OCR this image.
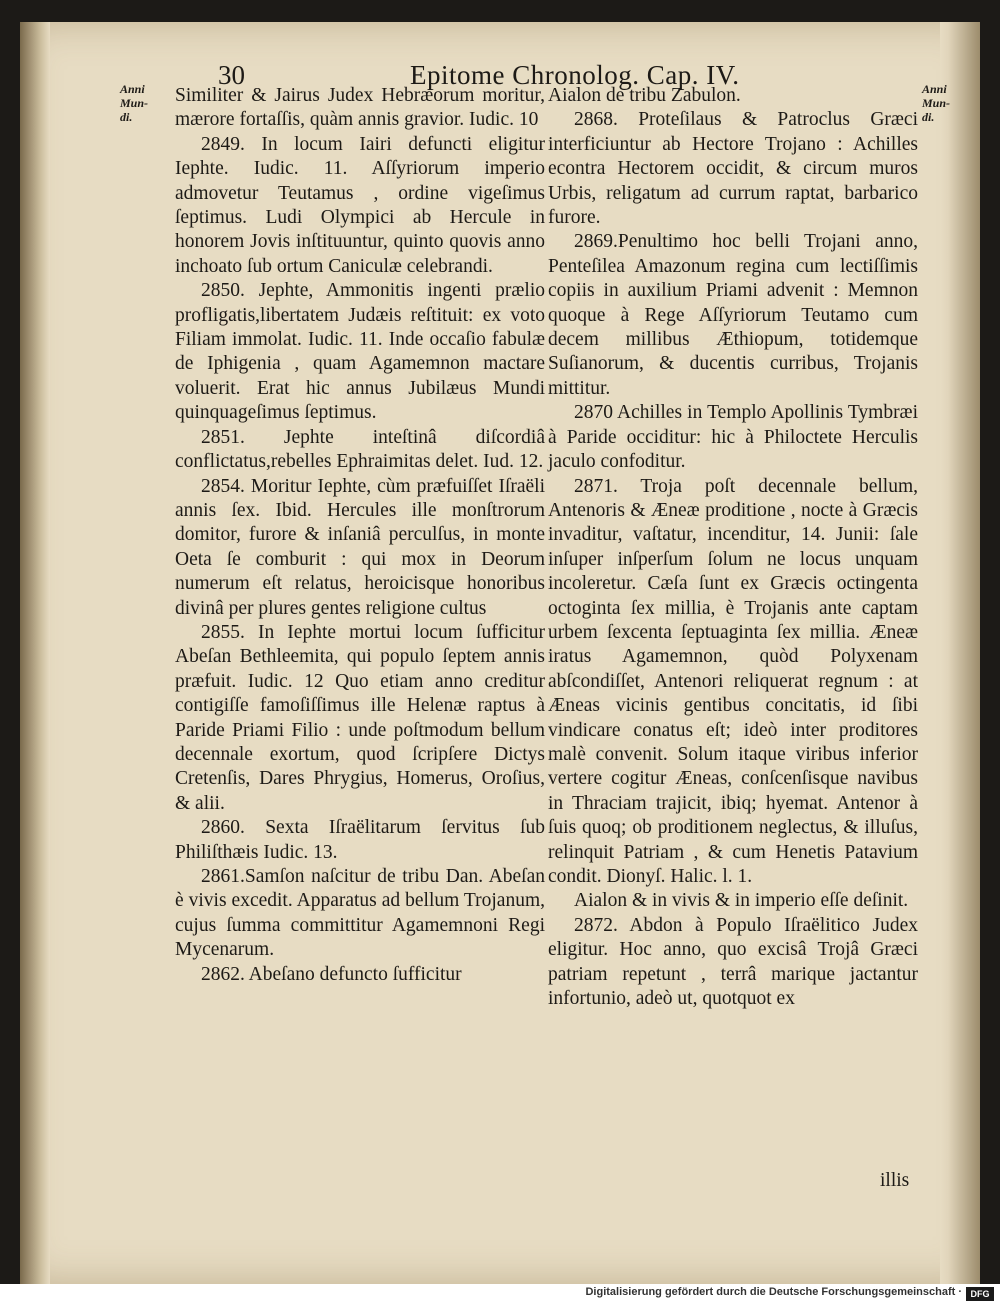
30	Epitome Chronolog. Cap. IV.
Anni Mun- di.
Anni Mun- di.

Similiter & Jairus Judex Hebræorum moritur, mærore fortaſſis, quàm annis gravior. Iudic. 10

2849. In locum Iairi defuncti eligitur Iephte. Iudic. 11. Aſſyriorum imperio admovetur Teutamus , ordine vigeſimus ſeptimus. Ludi Olympici ab Hercule in honorem Jovis inſtituuntur, quinto quovis anno inchoato ſub ortum Caniculæ celebrandi.

2850. Jephte, Ammonitis ingenti prælio profligatis,libertatem Judæis reſtituit: ex voto Filiam immolat. Iudic. 11. Inde occaſio fabulæ de Iphigenia , quam Agamemnon mactare voluerit. Erat hic annus Jubilæus Mundi quinquageſimus ſeptimus.

2851. Jephte inteſtinâ diſcordiâ conflictatus,rebelles Ephraimitas delet. Iud. 12.

2854. Moritur Iephte, cùm præfuiſſet Iſraëli annis ſex. Ibid. Hercules ille monſtrorum domitor, furore & inſaniâ perculſus, in monte Oeta ſe comburit : qui mox in Deorum numerum eſt relatus, heroicisque honoribus divinâ per plures gentes religione cultus

2855. In Iephte mortui locum ſufficitur Abeſan Bethleemita, qui populo ſeptem annis præfuit. Iudic. 12 Quo etiam anno creditur contigiſſe famoſiſſimus ille Helenæ raptus à Paride Priami Filio : unde poſtmodum bellum decennale exortum, quod ſcripſere Dictys Cretenſis, Dares Phrygius, Homerus, Oroſius, & alii.

2860. Sexta Iſraëlitarum ſervitus ſub Philiſthæis Iudic. 13.

2861.Samſon naſcitur de tribu Dan. Abeſan è vivis excedit. Apparatus ad bellum Trojanum, cujus ſumma committitur Agamemnoni Regi Mycenarum.

2862. Abeſano defuncto ſufficitur

Aialon de tribu Zabulon.

2868. Proteſilaus & Patroclus Græci interficiuntur ab Hectore Trojano : Achilles econtra Hectorem occidit, & circum muros Urbis, religatum ad currum raptat, barbarico furore.

2869.Penultimo hoc belli Trojani anno, Penteſilea Amazonum regina cum lectiſſimis copiis in auxilium Priami advenit : Memnon quoque à Rege Aſſyriorum Teutamo cum decem millibus Æthiopum, totidemque Suſianorum, & ducentis curribus, Trojanis mittitur.

2870 Achilles in Templo Apollinis Tymbræi à Paride occiditur: hic à Philoctete Herculis jaculo confoditur.

2871. Troja poſt decennale bellum, Antenoris & Æneæ proditione , nocte à Græcis invaditur, vaſtatur, incenditur, 14. Junii: ſale inſuper inſperſum ſolum ne locus unquam incoleretur. Cæſa ſunt ex Græcis octingenta octoginta ſex millia, è Trojanis ante captam urbem ſexcenta ſeptuaginta ſex millia. Æneæ iratus Agamemnon, quòd Polyxenam abſcondiſſet, Antenori reliquerat regnum : at Æneas vicinis gentibus concitatis, id ſibi vindicare conatus eſt; ideò inter proditores malè convenit. Solum itaque viribus inferior vertere cogitur Æneas, conſcenſisque navibus in Thraciam trajicit, ibiq; hyemat. Antenor à ſuis quoq; ob proditionem neglectus, & illuſus, relinquit Patriam , & cum Henetis Patavium condit. Dionyſ. Halic. l. 1.

Aialon & in vivis & in imperio eſſe deſinit.

2872. Abdon à Populo Iſraëlitico Judex eligitur. Hoc anno, quo excisâ Trojâ Græci patriam repetunt , terrâ marique jactantur infortunio, adeò ut, quotquot ex

illis
Digitalisierung gefördert durch die Deutsche Forschungsgemeinschaft · DFG
